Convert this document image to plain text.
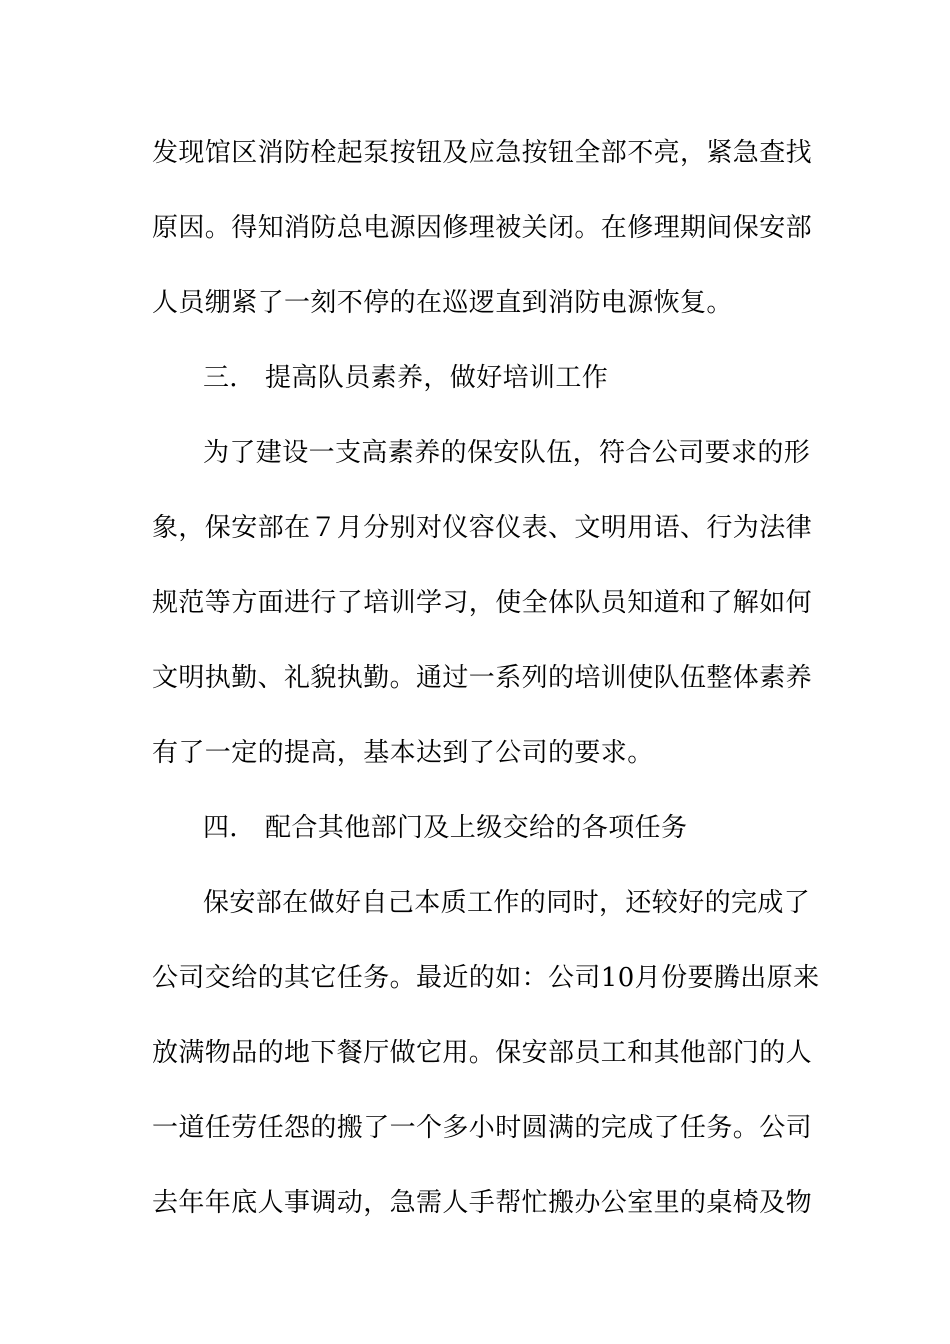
发现馆区消防栓起泵按钮及应急按钮全部不亮，紧急查找
原因。得知消防总电源因修理被关闭。在修理期间保安部
人员绷紧了一刻不停的在巡逻直到消防电源恢复。
三． 提高队员素养，做好培训工作
为了建设一支高素养的保安队伍，符合公司要求的形
象，保安部在７月分别对仪容仪表、文明用语、行为法律
规范等方面进行了培训学习，使全体队员知道和了解如何
文明执勤、礼貌执勤。通过一系列的培训使队伍整体素养
有了一定的提高，基本达到了公司的要求。
四． 配合其他部门及上级交给的各项任务
保安部在做好自己本质工作的同时，还较好的完成了
公司交给的其它任务。最近的如：公司10月份要腾出原来
放满物品的地下餐厅做它用。保安部员工和其他部门的人
一道任劳任怨的搬了一个多小时圆满的完成了任务。公司
去年年底人事调动，急需人手帮忙搬办公室里的桌椅及物
